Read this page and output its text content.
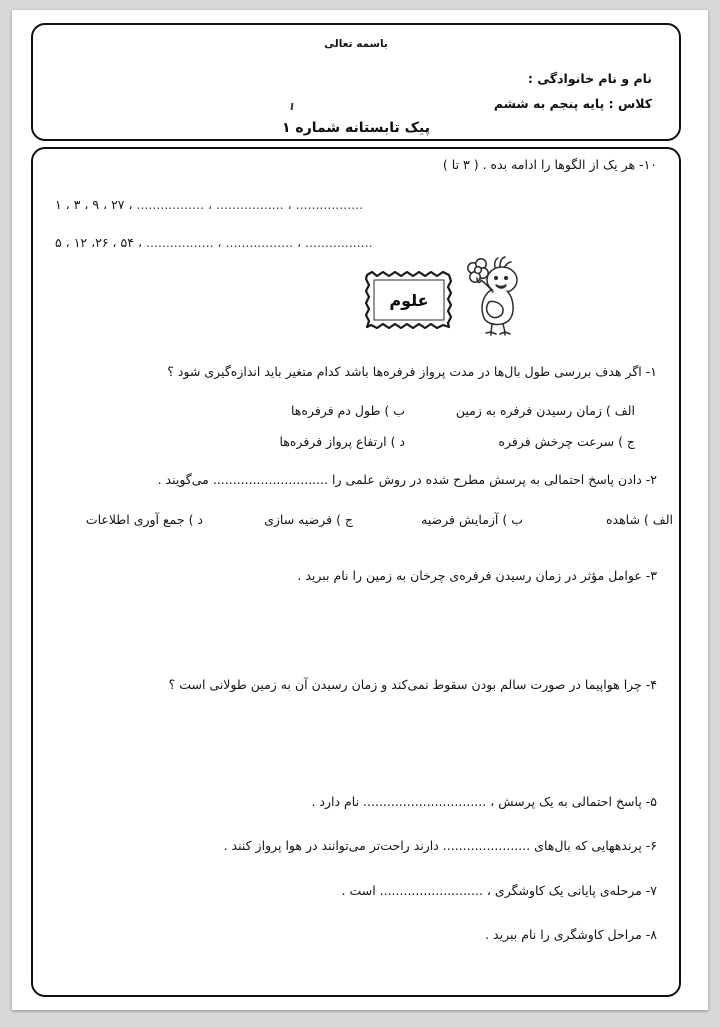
باسمه تعالی
نام و نام خانوادگی :
کلاس : پایه پنجم به ششم
پیک تابستانه شماره ۱
۱۰- هر یک از الگوها را ادامه بده . ( ۳ تا )
۱ ، ۳ ، ۹ ، ۲۷ ، ................. ، ................. ، .................
۵ ، ۱۲ ،۲۶ ، ۵۴ ، ................. ، ................. ، .................
علوم
۱- اگر هدف بررسی طول بال‌ها در مدت پرواز فرفره‌ها باشد کدام متغیر باید اندازه‌گیری شود ؟
الف ) زمان رسیدن فرفره به زمین
ب ) طول دم فرفره‌ها
ج ) سرعت چرخش فرفره
د ) ارتفاع پرواز فرفره‌ها
۲- دادن پاسخ احتمالی به پرسش مطرح شده در روش علمی را ............................. می‌گویند .
الف ) شاهده
ب ) آزمایش فرضیه
ج ) فرضیه سازی
د ) جمع آوری اطلاعات
۳- عوامل مؤثر در زمان رسیدن فرفره‌ی چرخان به زمین را نام ببرید .
۴- چرا هواپیما در صورت سالم بودن سقوط نمی‌کند و زمان رسیدن آن به زمین طولانی است ؟
۵- پاسخ احتمالی به یک پرسش ، ............................... نام دارد .
۶- پرندههایی که بال‌های ...................... دارند راحت‌تر می‌توانند در هوا پرواز کنند .
۷- مرحله‌ی پایانی یک کاوشگری ، .......................... است .
۸- مراحل کاوشگری را نام ببرید .
